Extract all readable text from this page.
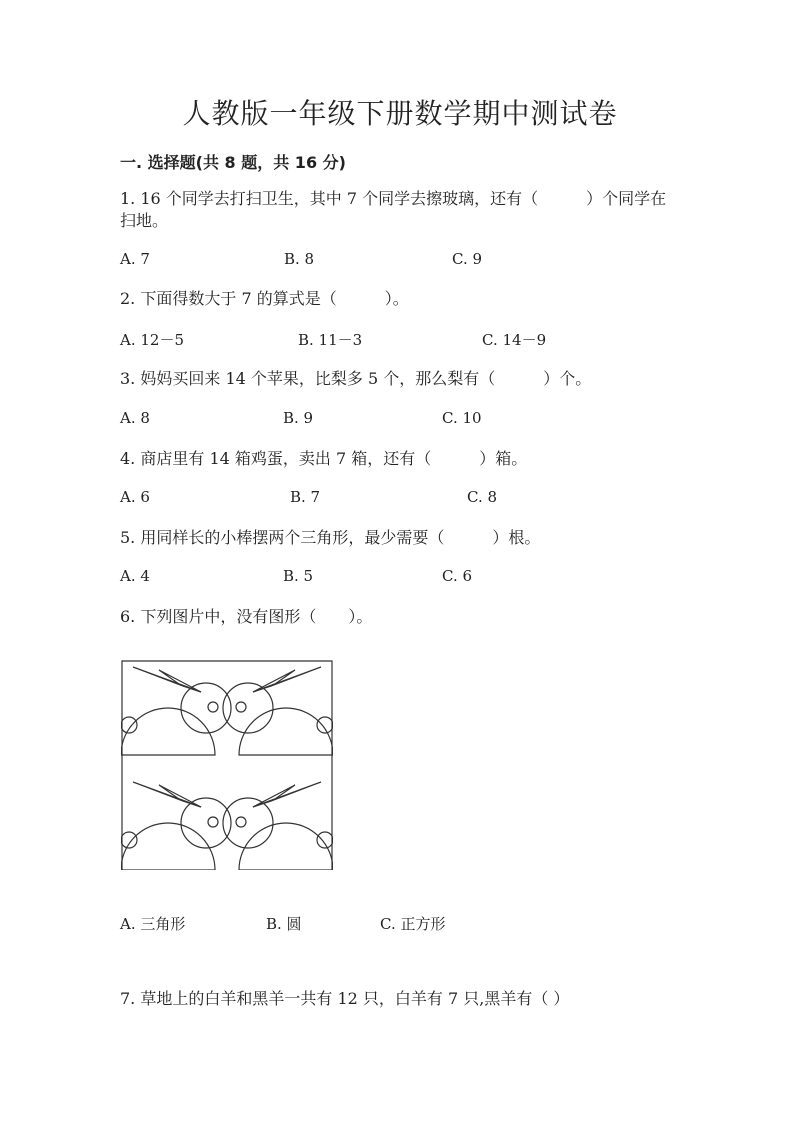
人教版一年级下册数学期中测试卷
一. 选择题(共 8 题，共 16 分)
1. 16 个同学去打扫卫生，其中 7 个同学去擦玻璃，还有（　　　）个同学在扫地。
A. 7	B. 8	C. 9
2. 下面得数大于 7 的算式是（　　　）。
A. 12－5	B. 11－3	C. 14－9
3. 妈妈买回来 14 个苹果，比梨多 5 个，那么梨有（　　　）个。
A. 8	B. 9	C. 10
4. 商店里有 14 箱鸡蛋，卖出 7 箱，还有（　　　）箱。
A. 6	B. 7	C. 8
5. 用同样长的小棒摆两个三角形，最少需要（　　　）根。
A. 4	B. 5	C. 6
6. 下列图片中，没有图形（　　）。
A. 三角形	B. 圆	C. 正方形
7. 草地上的白羊和黑羊一共有 12 只，白羊有 7 只,黑羊有（ ）
